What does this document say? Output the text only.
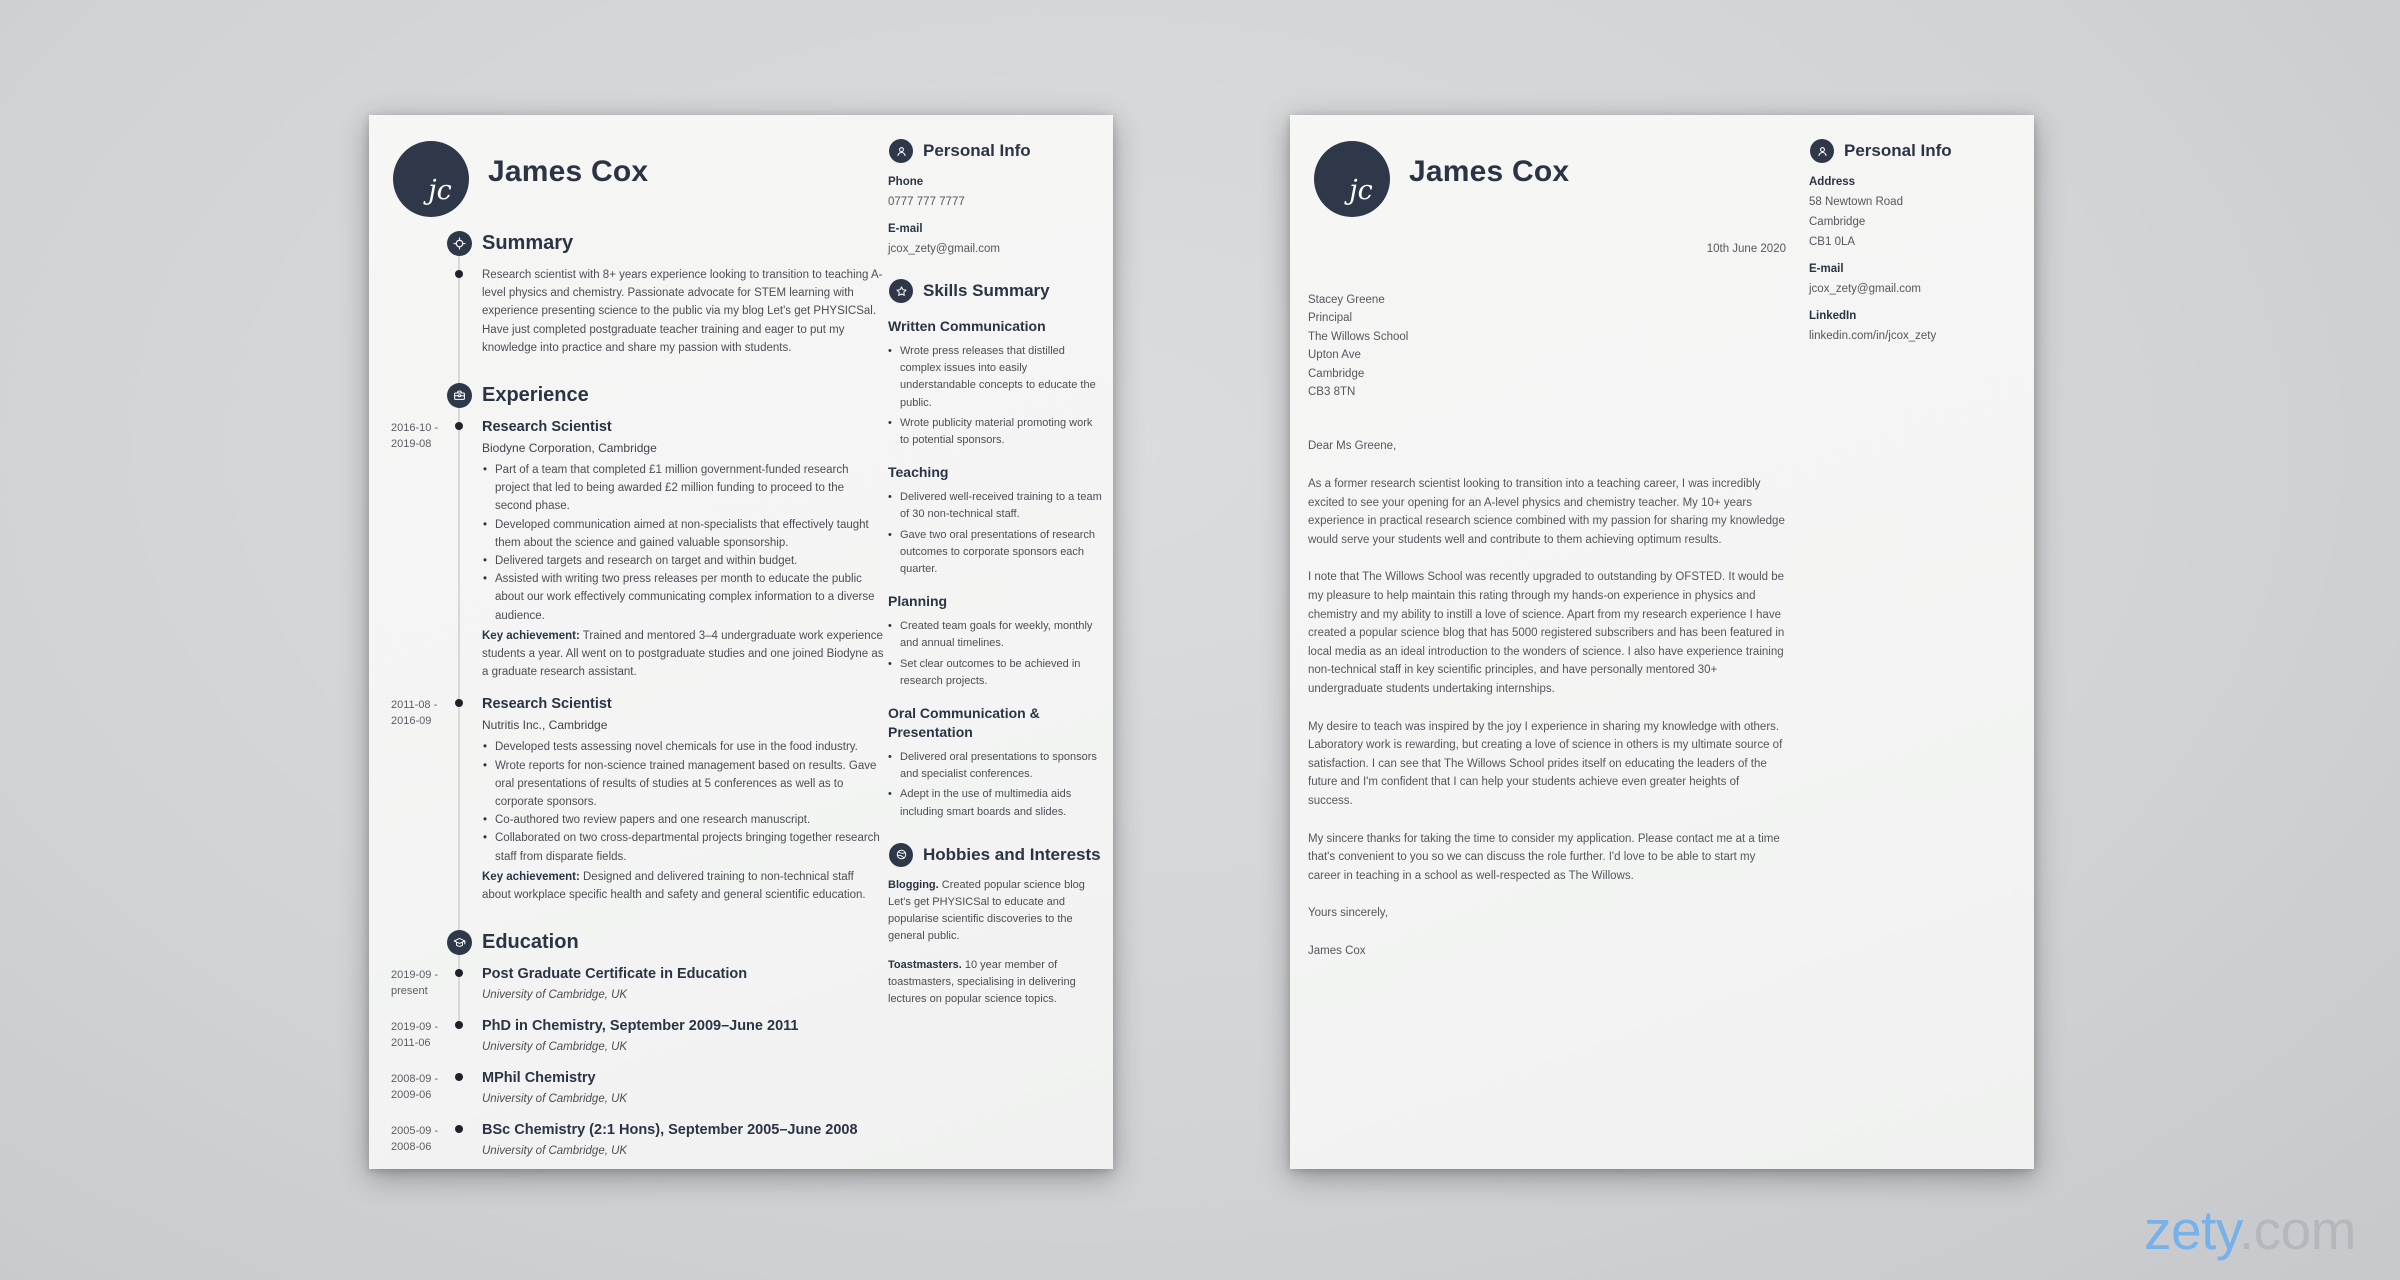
jc
James Cox
Summary

Research scientist with 8+ years experience looking to transition to teaching A-level physics and chemistry. Passionate advocate for STEM learning with experience presenting science to the public via my blog Let's get PHYSICSal. Have just completed postgraduate teacher training and eager to put my knowledge into practice and share my passion with students.

Experience
2016-10 -
2019-08
Research Scientist
Biodyne Corporation, Cambridge
• Part of a team that completed £1 million government-funded research project that led to being awarded £2 million funding to proceed to the second phase.
• Developed communication aimed at non-specialists that effectively taught them about the science and gained valuable sponsorship.
• Delivered targets and research on target and within budget.
• Assisted with writing two press releases per month to educate the public about our work effectively communicating complex information to a diverse audience.

Key achievement: Trained and mentored 3–4 undergraduate work experience students a year. All went on to postgraduate studies and one joined Biodyne as a graduate research assistant.

2011-08 -
2016-09
Research Scientist
Nutritis Inc., Cambridge
• Developed tests assessing novel chemicals for use in the food industry.
• Wrote reports for non-science trained management based on results. Gave oral presentations of results of studies at 5 conferences as well as to corporate sponsors.
• Co-authored two review papers and one research manuscript.
• Collaborated on two cross-departmental projects bringing together research staff from disparate fields.

Key achievement: Designed and delivered training to non-technical staff about workplace specific health and safety and general scientific education.

Education
2019-09 -
present
Post Graduate Certificate in Education
University of Cambridge, UK
2019-09 -
2011-06
PhD in Chemistry, September 2009–June 2011
University of Cambridge, UK
2008-09 -
2009-06
MPhil Chemistry
University of Cambridge, UK
2005-09 -
2008-06
BSc Chemistry (2:1 Hons), September 2005–June 2008
University of Cambridge, UK
Personal Info
Phone
0777 777 7777
E-mail
jcox_zety@gmail.com
Skills Summary
Written Communication
• Wrote press releases that distilled complex issues into easily understandable concepts to educate the public.
• Wrote publicity material promoting work to potential sponsors.
Teaching
• Delivered well-received training to a team of 30 non-technical staff.
• Gave two oral presentations of research outcomes to corporate sponsors each quarter.
Planning
• Created team goals for weekly, monthly and annual timelines.
• Set clear outcomes to be achieved in research projects.
Oral Communication & Presentation
• Delivered oral presentations to sponsors and specialist conferences.
• Adept in the use of multimedia aids including smart boards and slides.
Hobbies and Interests

Blogging. Created popular science blog Let's get PHYSICSal to educate and popularise scientific discoveries to the general public.

Toastmasters. 10 year member of toastmasters, specialising in delivering lectures on popular science topics.

jc
James Cox
10th June 2020
Stacey Greene
Principal
The Willows School
Upton Ave
Cambridge
CB3 8TN

Dear Ms Greene,

As a former research scientist looking to transition into a teaching career, I was incredibly excited to see your opening for an A-level physics and chemistry teacher. My 10+ years experience in practical research science combined with my passion for sharing my knowledge would serve your students well and contribute to them achieving optimum results.

I note that The Willows School was recently upgraded to outstanding by OFSTED. It would be my pleasure to help maintain this rating through my hands-on experience in physics and chemistry and my ability to instill a love of science. Apart from my research experience I have created a popular science blog that has 5000 registered subscribers and has been featured in local media as an ideal introduction to the wonders of science. I also have experience training non-technical staff in key scientific principles, and have personally mentored 30+ undergraduate students undertaking internships.

My desire to teach was inspired by the joy I experience in sharing my knowledge with others. Laboratory work is rewarding, but creating a love of science in others is my ultimate source of satisfaction. I can see that The Willows School prides itself on educating the leaders of the future and I'm confident that I can help your students achieve even greater heights of success.

My sincere thanks for taking the time to consider my application. Please contact me at a time that's convenient to you so we can discuss the role further. I'd love to be able to start my career in teaching in a school as well-respected as The Willows.

Yours sincerely,

James Cox

Personal Info
Address
58 Newtown Road
Cambridge
CB1 0LA
E-mail
jcox_zety@gmail.com
LinkedIn
linkedin.com/in/jcox_zety
zety.com
